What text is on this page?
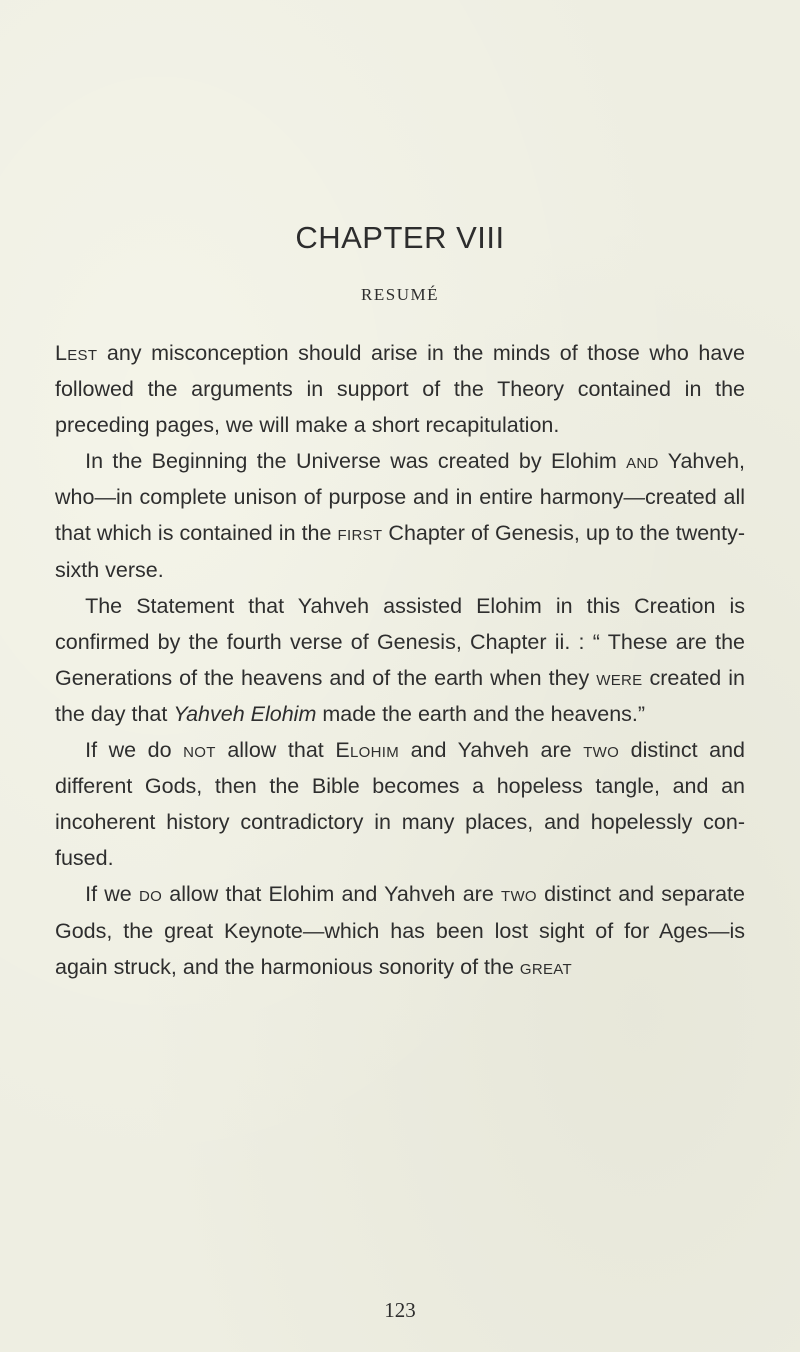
CHAPTER VIII
RESUMÉ

Lest any misconception should arise in the minds of those who have followed the arguments in support of the Theory contained in the preceding pages, we will make a short recapitulation.

In the Beginning the Universe was created by Elohim and Yahveh, who—in complete unison of purpose and in entire harmony—created all that which is contained in the first Chapter of Genesis, up to the twenty-sixth verse.

The Statement that Yahveh assisted Elohim in this Creation is confirmed by the fourth verse of Genesis, Chapter ii. : “ These are the Generations of the heavens and of the earth when they were created in the day that Yahveh Elohim made the earth and the heavens.”

If we do not allow that Elohim and Yahveh are two distinct and different Gods, then the Bible becomes a hopeless tangle, and an incoherent history contradictory in many places, and hopelessly con-fused.

If we do allow that Elohim and Yahveh are two distinct and separate Gods, the great Keynote—which has been lost sight of for Ages—is again struck, and the harmonious sonority of the great

123
